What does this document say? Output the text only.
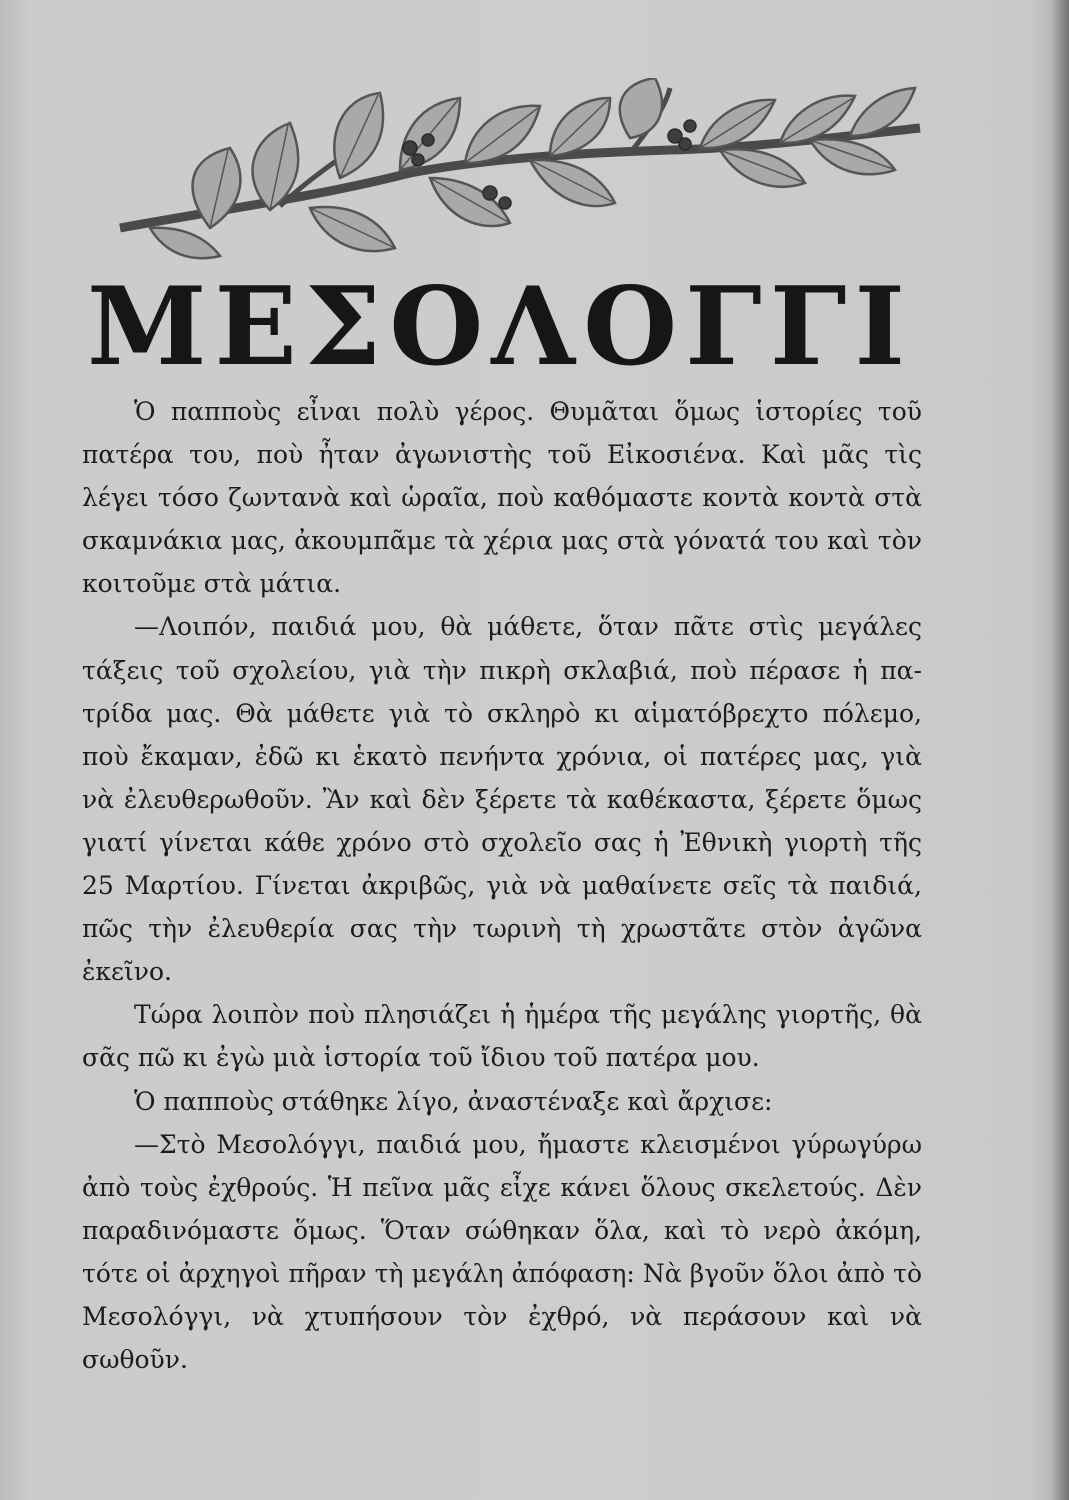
ΜΕΣΟΛΟΓΓΙ

Ὁ παπποὺς εἶναι πολὺ γέρος. Θυμᾶται ὅμως ἱστορίες τοῦ πατέρα του, ποὺ ἦταν ἀγωνιστὴς τοῦ Εἰκοσιένα. Καὶ μᾶς τὶς λέγει τόσο ζωντανὰ καὶ ὡραῖα, ποὺ καθόμαστε κοντὰ κοντὰ στὰ σκαμνάκια μας, ἀκουμπᾶμε τὰ χέρια μας στὰ γόνατά του καὶ τὸν κοιτοῦμε στὰ μάτια.

—Λοιπόν, παιδιά μου, θὰ μάθετε, ὅταν πᾶτε στὶς μεγάλες τάξεις τοῦ σχολείου, γιὰ τὴν πικρὴ σκλαβιά, ποὺ πέρασε ἡ πατρίδα μας. Θὰ μάθετε γιὰ τὸ σκληρὸ κι αἱματόβρεχτο πόλεμο, ποὺ ἔκαμαν, ἐδῶ κι ἑκατὸ πενήντα χρόνια, οἱ πατέρες μας, γιὰ νὰ ἐλευθερωθοῦν. Ἂν καὶ δὲν ξέρετε τὰ καθέκαστα, ξέρετε ὅμως γιατί γίνεται κάθε χρόνο στὸ σχολεῖο σας ἡ Ἐθνικὴ γιορτὴ τῆς 25 Μαρτίου. Γίνεται ἀκριβῶς, γιὰ νὰ μαθαίνετε σεῖς τὰ παιδιά, πῶς τὴν ἐλευθερία σας τὴν τωρινὴ τὴ χρωστᾶτε στὸν ἀγῶνα ἐκεῖνο.

Τώρα λοιπὸν ποὺ πλησιάζει ἡ ἡμέρα τῆς μεγάλης γιορτῆς, θὰ σᾶς πῶ κι ἐγὼ μιὰ ἱστορία τοῦ ἴδιου τοῦ πατέρα μου.

Ὁ παπποὺς στάθηκε λίγο, ἀναστέναξε καὶ ἄρχισε:

—Στὸ Μεσολόγγι, παιδιά μου, ἤμαστε κλεισμένοι γύρωγύρω ἀπὸ τοὺς ἐχθρούς. Ἡ πεῖνα μᾶς εἶχε κάνει ὅλους σκελετούς. Δὲν παραδινόμαστε ὅμως. Ὅταν σώθηκαν ὅλα, καὶ τὸ νερὸ ἀκόμη, τότε οἱ ἀρχηγοὶ πῆραν τὴ μεγάλη ἀπόφαση: Νὰ βγοῦν ὅλοι ἀπὸ τὸ Μεσολόγγι, νὰ χτυπήσουν τὸν ἐχθρό, νὰ περάσουν καὶ νὰ σωθοῦν.
